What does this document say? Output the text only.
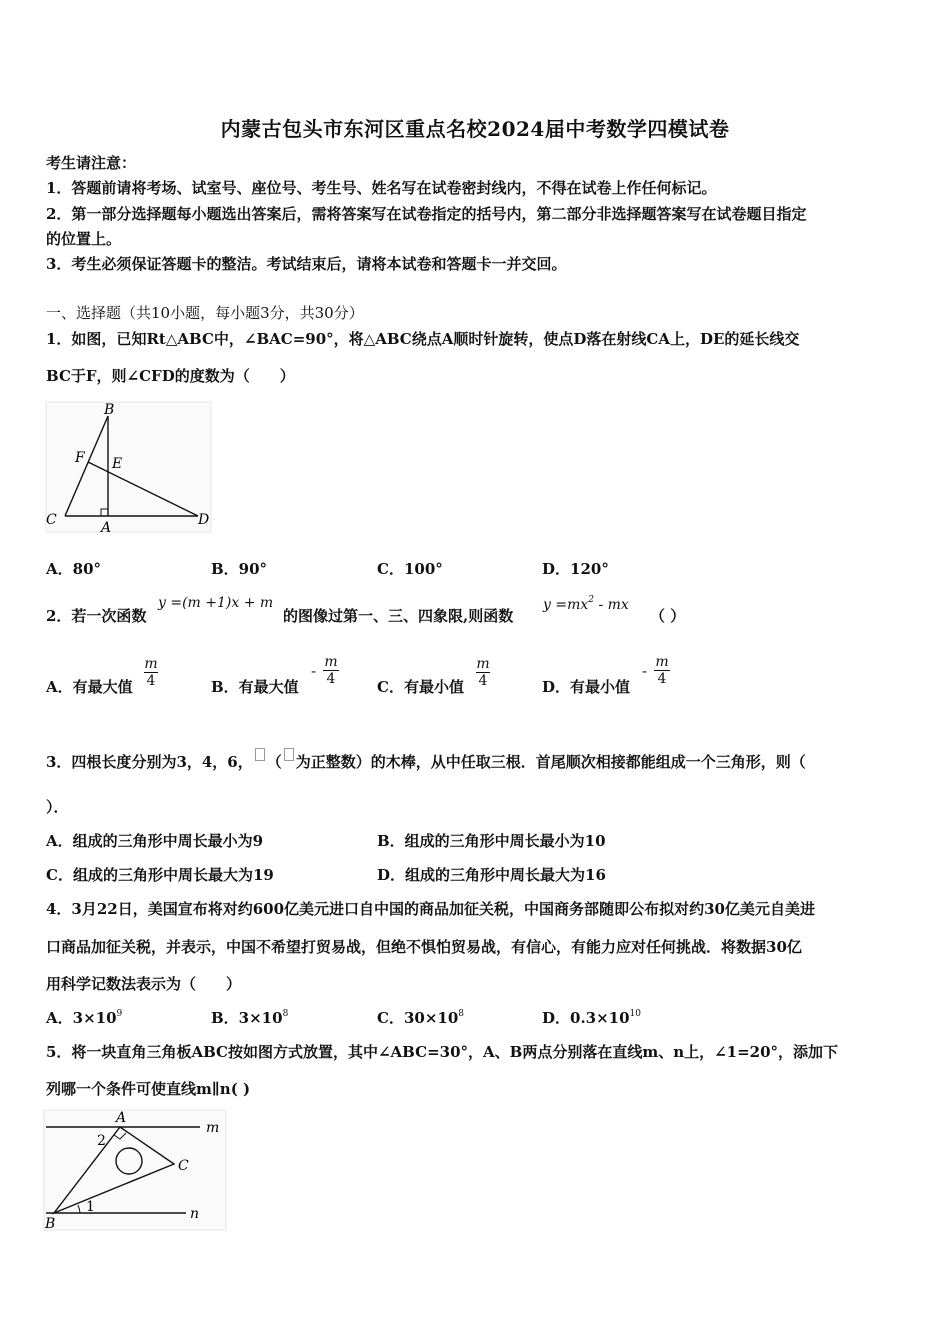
内蒙古包头市东河区重点名校2024届中考数学四模试卷
考生请注意：
1．答题前请将考场、试室号、座位号、考生号、姓名写在试卷密封线内，不得在试卷上作任何标记。
2．第一部分选择题每小题选出答案后，需将答案写在试卷指定的括号内，第二部分非选择题答案写在试卷题目指定
的位置上。
3．考生必须保证答题卡的整洁。考试结束后，请将本试卷和答题卡一并交回。
一、选择题（共10小题，每小题3分，共30分）
1．如图，已知Rt△ABC中，∠BAC=90°，将△ABC绕点A顺时针旋转，使点D落在射线CA上，DE的延长线交
BC于F，则∠CFD的度数为（　　）
B
F E
C	A	D
A．80°	B．90°	C．100°	D．120°
2．若一次函数
y =(m +1)x + m
的图像过第一、三、四象限,则函数
$y =mx^2$ - mx
（ ）
A．有最大值 $\frac{m}{4}$	B．有最大值
- $\frac{m}{4}$	C．有最小值 $\frac{m}{4}$	D．有最小值
- $\frac{m}{4}$
3．四根长度分别为3，4，6， （ 为正整数）的木棒，从中任取三根．首尾顺次相接都能组成一个三角形，则（
）．
A．组成的三角形中周长最小为9	B．组成的三角形中周长最小为10
C．组成的三角形中周长最大为19	D．组成的三角形中周长最大为16
4．3月22日，美国宣布将对约600亿美元进口自中国的商品加征关税，中国商务部随即公布拟对约30亿美元自美进
口商品加征关税，并表示，中国不希望打贸易战，但绝不惧怕贸易战，有信心，有能力应对任何挑战．将数据30亿
用科学记数法表示为（　　）
A．$3\times 10^9$	B．$3\times 10^8$	C．$30\times 10^8$	D．$0.3\times 10^{10}$
5．将一块直角三角板ABC按如图方式放置，其中∠ABC=30°，A、B两点分别落在直线m、n上，∠1=20°，添加下
列哪一个条件可使直线m∥n( )
A
m
2
C
1
B
n
